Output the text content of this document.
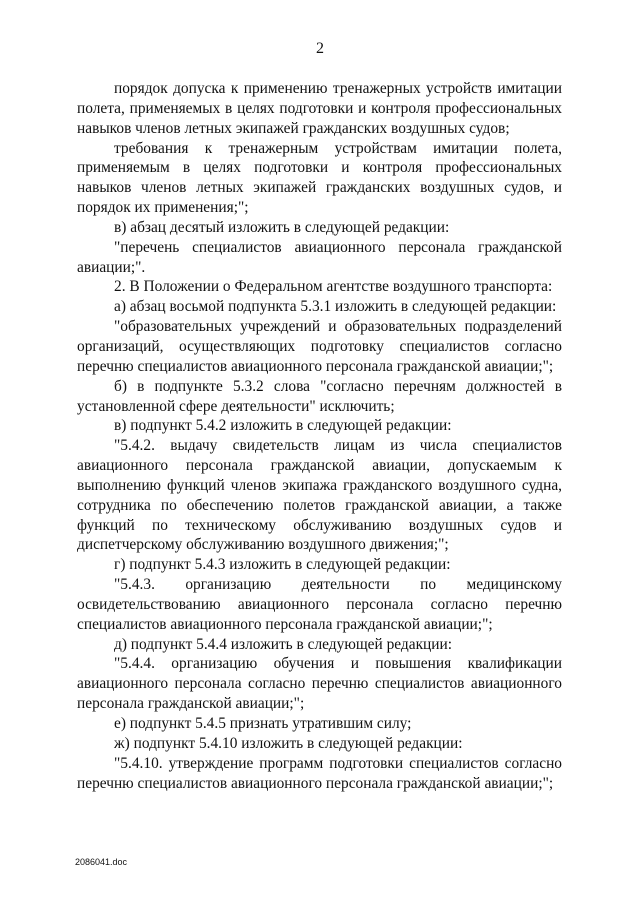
2

порядок допуска к применению тренажерных устройств имитации полета, применяемых в целях подготовки и контроля профессиональных навыков членов летных экипажей гражданских воздушных судов;

требования к тренажерным устройствам имитации полета, применяемым в целях подготовки и контроля профессиональных навыков членов летных экипажей гражданских воздушных судов, и порядок их применения;";

в) абзац десятый изложить в следующей редакции:

"перечень специалистов авиационного персонала гражданской авиации;".

2. В Положении о Федеральном агентстве воздушного транспорта:

а) абзац восьмой подпункта 5.3.1 изложить в следующей редакции:

"образовательных учреждений и образовательных подразделений организаций, осуществляющих подготовку специалистов согласно перечню специалистов авиационного персонала гражданской авиации;";

б) в подпункте 5.3.2 слова "согласно перечням должностей в установленной сфере деятельности" исключить;

в) подпункт 5.4.2 изложить в следующей редакции:

"5.4.2. выдачу свидетельств лицам из числа специалистов авиационного персонала гражданской авиации, допускаемым к выполнению функций членов экипажа гражданского воздушного судна, сотрудника по обеспечению полетов гражданской авиации, а также функций по техническому обслуживанию воздушных судов и диспетчерскому обслуживанию воздушного движения;";

г) подпункт 5.4.3 изложить в следующей редакции:

"5.4.3. организацию деятельности по медицинскому освидетельствованию авиационного персонала согласно перечню специалистов авиационного персонала гражданской авиации;";

д) подпункт 5.4.4 изложить в следующей редакции:

"5.4.4. организацию обучения и повышения квалификации авиационного персонала согласно перечню специалистов авиационного персонала гражданской авиации;";

е) подпункт 5.4.5 признать утратившим силу;

ж) подпункт 5.4.10 изложить в следующей редакции:

"5.4.10. утверждение программ подготовки специалистов согласно перечню специалистов авиационного персонала гражданской авиации;";

2086041.doc
